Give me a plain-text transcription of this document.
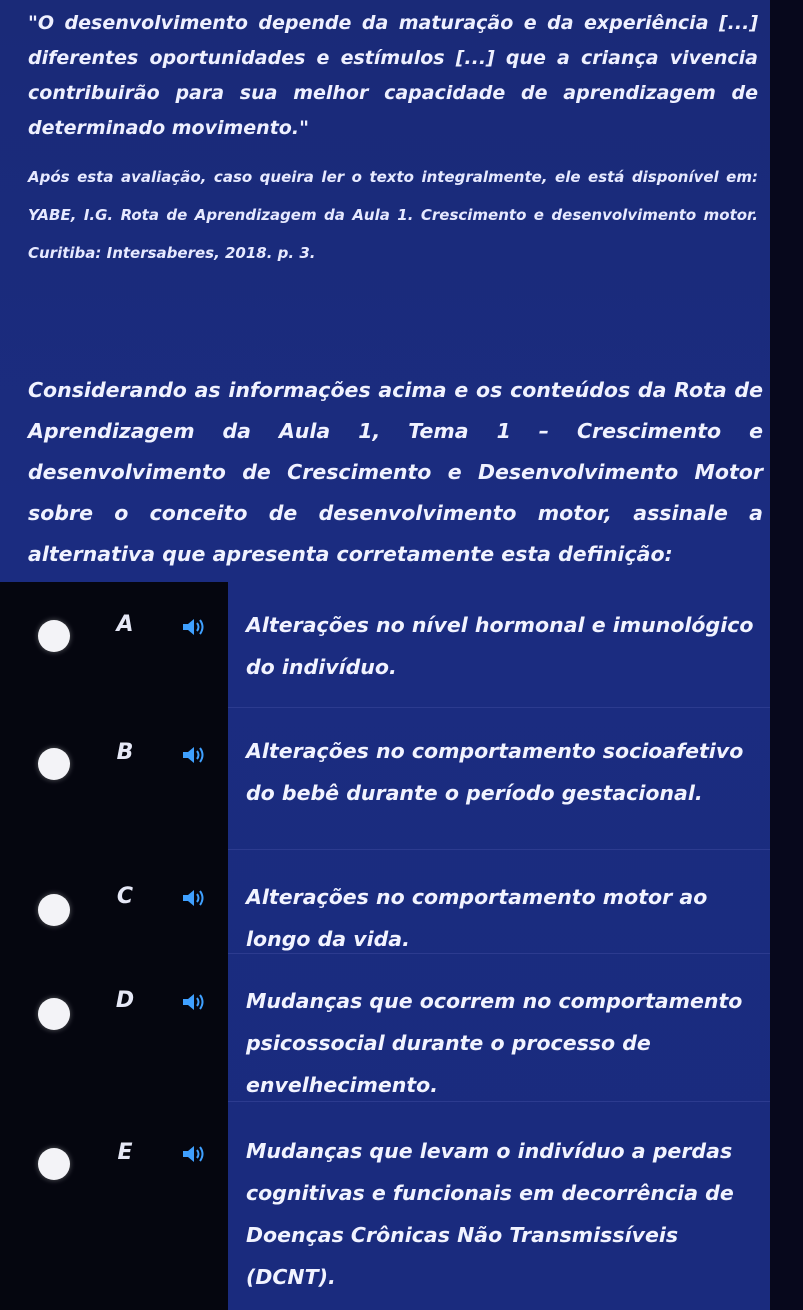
"O desenvolvimento depende da maturação e da experiência [...] diferentes oportunidades e estímulos [...] que a criança vivencia contribuirão para sua melhor capacidade de aprendizagem de determinado movimento."
Após esta avaliação, caso queira ler o texto integralmente, ele está disponível em: YABE, I.G. Rota de Aprendizagem da Aula 1. Crescimento e desenvolvimento motor. Curitiba: Intersaberes, 2018. p. 3.
Considerando as informações acima e os conteúdos da Rota de Aprendizagem da Aula 1, Tema 1 – Crescimento e desenvolvimento de Crescimento e Desenvolvimento Motor sobre o conceito de desenvolvimento motor, assinale a alternativa que apresenta corretamente esta definição:
A	Alterações no nível hormonal e imunológico do indivíduo.
B	Alterações no comportamento socioafetivo do bebê durante o período gestacional.
C	Alterações no comportamento motor ao longo da vida.
D	Mudanças que ocorrem no comportamento psicossocial durante o processo de envelhecimento.
E	Mudanças que levam o indivíduo a perdas cognitivas e funcionais em decorrência de Doenças Crônicas Não Transmissíveis (DCNT).
